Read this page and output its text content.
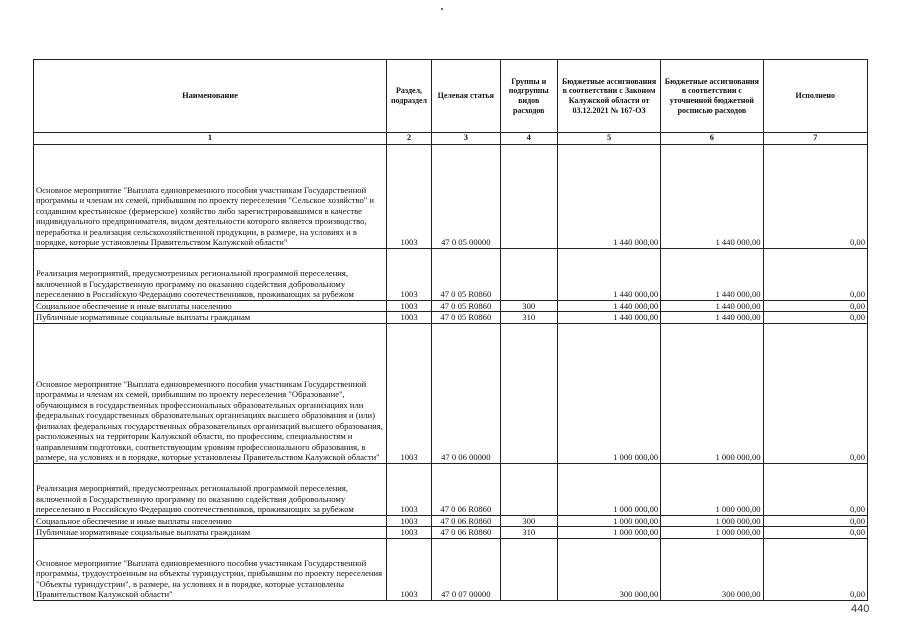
Наименование	Раздел, подраздел	Целевая статья	Группы и подгруппы видов расходов	Бюджетные ассигнования в соответствии с Законом Калужской области от 03.12.2021 № 167-ОЗ	Бюджетные ассигнования в соответствии с уточненной бюджетной росписью расходов	Исполнено
1	2	3	4	5	6	7
Основное мероприятие "Выплата единовременного пособия участникам Государственной программы и членам их семей, прибывшим по проекту переселения "Сельское хозяйство" и создавшим крестьянское (фермерское) хозяйство либо зарегистрировавшимся в качестве индивидуального предпринимателя, видом деятельности которого является производство, переработка и реализация сельскохозяйственной продукции, в размере, на условиях и в порядке, которые установлены Правительством Калужской области"	1003	47 0 05 00000		1 440 000,00	1 440 000,00	0,00
Реализация мероприятий, предусмотренных региональной программой переселения, включенной в Государственную программу по оказанию содействия добровольному переселению в Российскую Федерацию соотечественников, проживающих за рубежом	1003	47 0 05 R0860		1 440 000,00	1 440 000,00	0,00
Социальное обеспечение и иные выплаты населению	1003	47 0 05 R0860	300	1 440 000,00	1 440 000,00	0,00
Публичные нормативные социальные выплаты гражданам	1003	47 0 05 R0860	310	1 440 000,00	1 440 000,00	0,00
Основное мероприятие "Выплата единовременного пособия участникам Государственной программы и членам их семей, прибывшим по проекту переселения "Образование", обучающимся в государственных профессиональных образовательных организациях или федеральных государственных образовательных организациях высшего образования и (или) филиалах федеральных государственных образовательных организаций высшего образования, расположенных на территории Калужской области, по профессиям, специальностям и направлениям подготовки, соответствующим уровням профессионального образования, в размере, на условиях и в порядке, которые установлены Правительством Калужской области"	1003	47 0 06 00000		1 000 000,00	1 000 000,00	0,00
Реализация мероприятий, предусмотренных региональной программой переселения, включенной в Государственную программу по оказанию содействия добровольному переселению в Российскую Федерацию соотечественников, проживающих за рубежом	1003	47 0 06 R0860		1 000 000,00	1 000 000,00	0,00
Социальное обеспечение и иные выплаты населению	1003	47 0 06 R0860	300	1 000 000,00	1 000 000,00	0,00
Публичные нормативные социальные выплаты гражданам	1003	47 0 06 R0860	310	1 000 000,00	1 000 000,00	0,00
Основное мероприятие "Выплата единовременного пособия участникам Государственной программы, трудоустроенным на объекты туриндустрии, прибывшим по проекту переселения "Объекты туриндустрии", в размере, на условиях и в порядке, которые установлены Правительством Калужской области"	1003	47 0 07 00000		300 000,00	300 000,00	0,00
440
